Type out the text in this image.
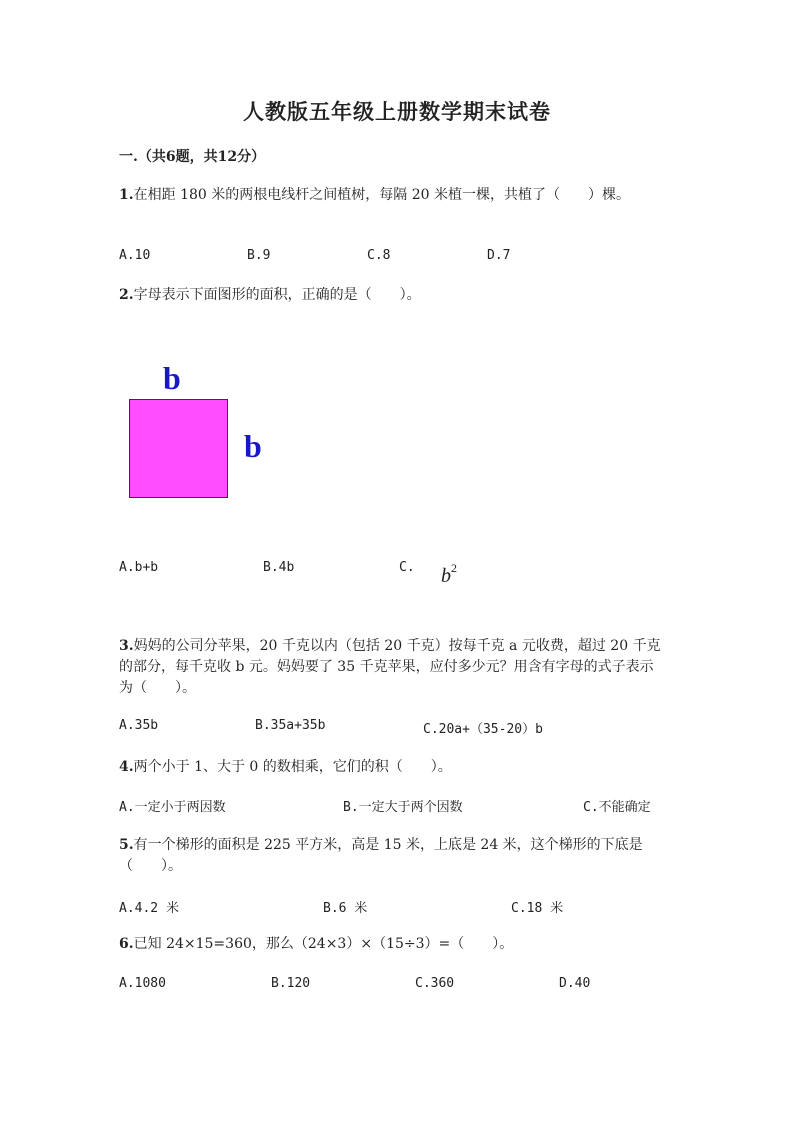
人教版五年级上册数学期末试卷
一.（共6题，共12分）
1.在相距 180 米的两根电线杆之间植树，每隔 20 米植一棵，共植了（　　）棵。
A.10	B.9	C.8	D.7
2.字母表示下面图形的面积，正确的是（　　）。
b
b
A.b+b	B.4b	C. $b^2$
3.妈妈的公司分苹果，20 千克以内（包括 20 千克）按每千克 a 元收费，超过 20 千克的部分，每千克收 b 元。妈妈要了 35 千克苹果，应付多少元？用含有字母的式子表示为（　　）。
A.35b	B.35a+35b	C.20a+（35-20）b
4.两个小于 1、大于 0 的数相乘，它们的积（　　）。
A.一定小于两因数	B.一定大于两个因数	C.不能确定
5.有一个梯形的面积是 225 平方米，高是 15 米，上底是 24 米，这个梯形的下底是（　　）。
A.4.2 米	B.6 米	C.18 米
6.已知 24×15=360，那么（24×3）×（15÷3）=（　　）。
A.1080	B.120	C.360	D.40
